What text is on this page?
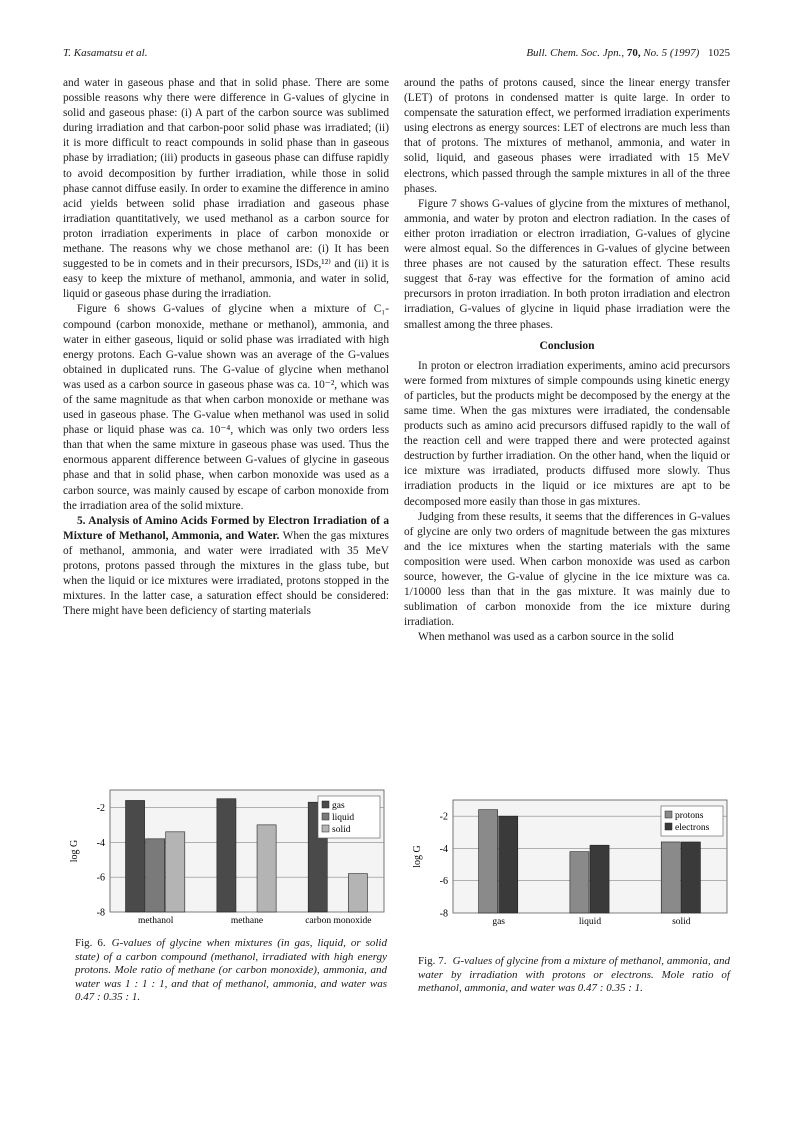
T. Kasamatsu et al.	Bull. Chem. Soc. Jpn., 70, No. 5 (1997) 1025

and water in gaseous phase and that in solid phase. There are some possible reasons why there were difference in G-values of glycine in solid and gaseous phase: (i) A part of the carbon source was sublimed during irradiation and that carbon-poor solid phase was irradiated; (ii) it is more difficult to react compounds in solid phase than in gaseous phase by irradiation; (iii) products in gaseous phase can diffuse rapidly to avoid decomposition by further irradiation, while those in solid phase cannot diffuse easily. In order to examine the difference in amino acid yields between solid phase irradiation and gaseous phase irradiation quantitatively, we used methanol as a carbon source for proton irradiation experiments in place of carbon monoxide or methane. The reasons why we chose methanol are: (i) It has been suggested to be in comets and in their precursors, ISDs,¹²⁾ and (ii) it is easy to keep the mixture of methanol, ammonia, and water in solid, liquid or gaseous phase during the irradiation.

Figure 6 shows G-values of glycine when a mixture of C₁-compound (carbon monoxide, methane or methanol), ammonia, and water in either gaseous, liquid or solid phase was irradiated with high energy protons. Each G-value shown was an average of the G-values obtained in duplicated runs. The G-value of glycine when methanol was used as a carbon source in gaseous phase was ca. 10⁻², which was of the same magnitude as that when carbon monoxide or methane was used in gaseous phase. The G-value when methanol was used in solid phase or liquid phase was ca. 10⁻⁴, which was only two orders less than that when the same mixture in gaseous phase was used. Thus the enormous apparent difference between G-values of glycine in gaseous phase and that in solid phase, when carbon monoxide was used as a carbon source, was mainly caused by escape of carbon monoxide from the irradiation area of the solid mixture.

5. Analysis of Amino Acids Formed by Electron Irradiation of a Mixture of Methanol, Ammonia, and Water. When the gas mixtures of methanol, ammonia, and water were irradiated with 35 MeV protons, protons passed through the mixtures in the glass tube, but when the liquid or ice mixtures were irradiated, protons stopped in the mixtures. In the latter case, a saturation effect should be considered: There might have been deficiency of starting materials

around the paths of protons caused, since the linear energy transfer (LET) of protons in condensed matter is quite large. In order to compensate the saturation effect, we performed irradiation experiments using electrons as energy sources: LET of electrons are much less than that of protons. The mixtures of methanol, ammonia, and water in solid, liquid, and gaseous phases were irradiated with 15 MeV electrons, which passed through the sample mixtures in all of the three phases.

Figure 7 shows G-values of glycine from the mixtures of methanol, ammonia, and water by proton and electron radiation. In the cases of either proton irradiation or electron irradiation, G-values of glycine were almost equal. So the differences in G-values of glycine between three phases are not caused by the saturation effect. These results suggest that δ-ray was effective for the formation of amino acid precursors in proton irradiation. In both proton irradiation and electron irradiation, G-values of glycine in liquid phase irradiation were the smallest among the three phases.

Conclusion

In proton or electron irradiation experiments, amino acid precursors were formed from mixtures of simple compounds using kinetic energy of particles, but the products might be decomposed by the energy at the same time. When the gas mixtures were irradiated, the condensable products such as amino acid precursors diffused rapidly to the wall of the reaction cell and were trapped there and were protected against destruction by further irradiation. On the other hand, when the liquid or ice mixture was irradiated, products diffused more slowly. Thus irradiation products in the liquid or ice mixtures are apt to be decomposed more easily than those in gas mixtures.

Judging from these results, it seems that the differences in G-values of glycine are only two orders of magnitude between the gas mixtures and the ice mixtures when the starting materials with the same composition were used. When carbon monoxide was used as carbon source, however, the G-value of glycine in the ice mixture was ca. 1/10000 less than that in the gas mixture. It was mainly due to sublimation of carbon monoxide from the ice mixture during irradiation.

When methanol was used as a carbon source in the solid

-2
-4
-6
-8
log G
methanol	methane	carbon monoxide
gas
liquid
solid
-2
-4
-6
-8
log G
gas	liquid	solid
protons
electrons
Fig. 6. G-values of glycine when mixtures (in gas, liquid, or solid state) of a carbon compound (methanol, irradiated with high energy protons. Mole ratio of methane (or carbon monoxide), ammonia, and water was 1 : 1 : 1, and that of methanol, ammonia, and water was 0.47 : 0.35 : 1.
Fig. 7. G-values of glycine from a mixture of methanol, ammonia, and water by irradiation with protons or electrons. Mole ratio of methanol, ammonia, and water was 0.47 : 0.35 : 1.
